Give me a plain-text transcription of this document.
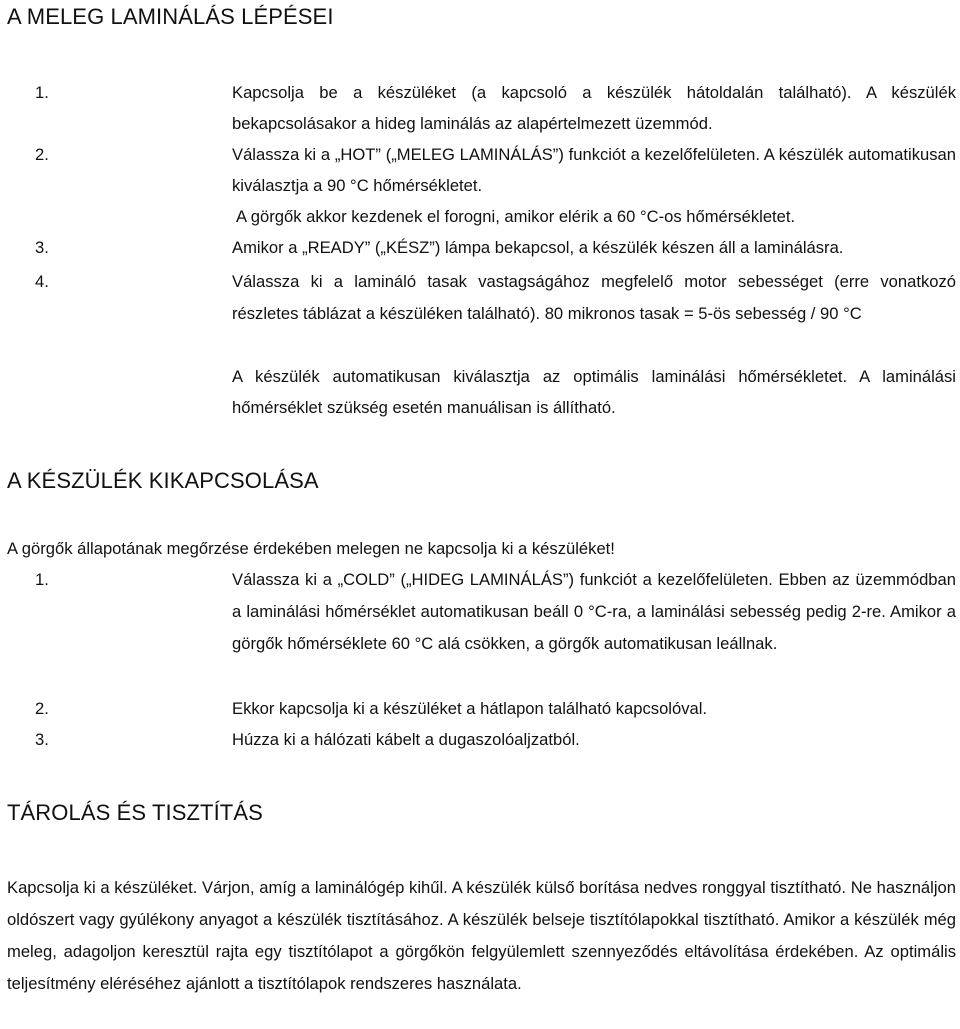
A MELEG LAMINÁLÁS LÉPÉSEI

1.	Kapcsolja be a készüléket (a kapcsoló a készülék hátoldalán található). A készülék bekapcsolásakor a hideg laminálás az alapértelmezett üzemmód.

2.	Válassza ki a „HOT” („MELEG LAMINÁLÁS”) funkciót a kezelőfelületen. A készülék automatikusan kiválasztja a 90 °C hőmérsékletet.

A görgők akkor kezdenek el forogni, amikor elérik a 60 °C-os hőmérsékletet.

3.	Amikor a „READY” („KÉSZ”) lámpa bekapcsol, a készülék készen áll a laminálásra.

4.	Válassza ki a lamináló tasak vastagságához megfelelő motor sebességet (erre vonatkozó részletes táblázat a készüléken található). 80 mikronos tasak = 5-ös sebesség / 90 °C

A készülék automatikusan kiválasztja az optimális laminálási hőmérsékletet. A laminálási hőmérséklet szükség esetén manuálisan is állítható.

A KÉSZÜLÉK KIKAPCSOLÁSA

A görgők állapotának megőrzése érdekében melegen ne kapcsolja ki a készüléket!

1.	Válassza ki a „COLD” („HIDEG LAMINÁLÁS”) funkciót a kezelőfelületen. Ebben az üzemmódban a laminálási hőmérséklet automatikusan beáll 0 °C-ra, a laminálási sebesség pedig 2-re. Amikor a görgők hőmérséklete 60 °C alá csökken, a görgők automatikusan leállnak.

2.	Ekkor kapcsolja ki a készüléket a hátlapon található kapcsolóval.

3.	Húzza ki a hálózati kábelt a dugaszolóaljzatból.

TÁROLÁS ÉS TISZTÍTÁS

Kapcsolja ki a készüléket. Várjon, amíg a laminálógép kihűl. A készülék külső borítása nedves ronggyal tisztítható. Ne használjon oldószert vagy gyúlékony anyagot a készülék tisztításához. A készülék belseje tisztítólapokkal tisztítható. Amikor a készülék még meleg, adagoljon keresztül rajta egy tisztítólapot a görgőkön felgyülemlett szennyeződés eltávolítása érdekében. Az optimális teljesítmény eléréséhez ajánlott a tisztítólapok rendszeres használata.
